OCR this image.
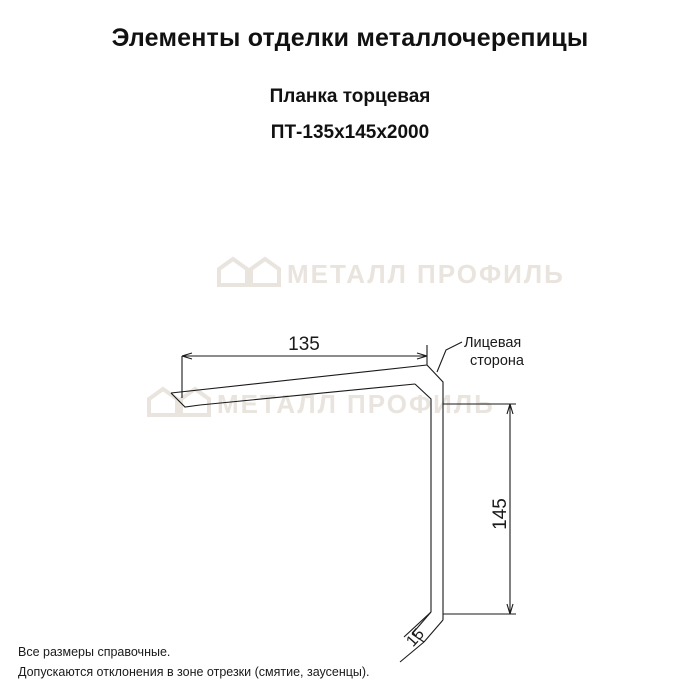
МЕТАЛЛ ПРОФИЛЬ
МЕТАЛЛ ПРОФИЛЬ
Элементы отделки металлочерепицы
Планка торцевая
ПТ-135х145х2000
135
145
15
Лицевая
сторона
Все размеры справочные.
Допускаются отклонения в зоне отрезки (смятие, заусенцы).
